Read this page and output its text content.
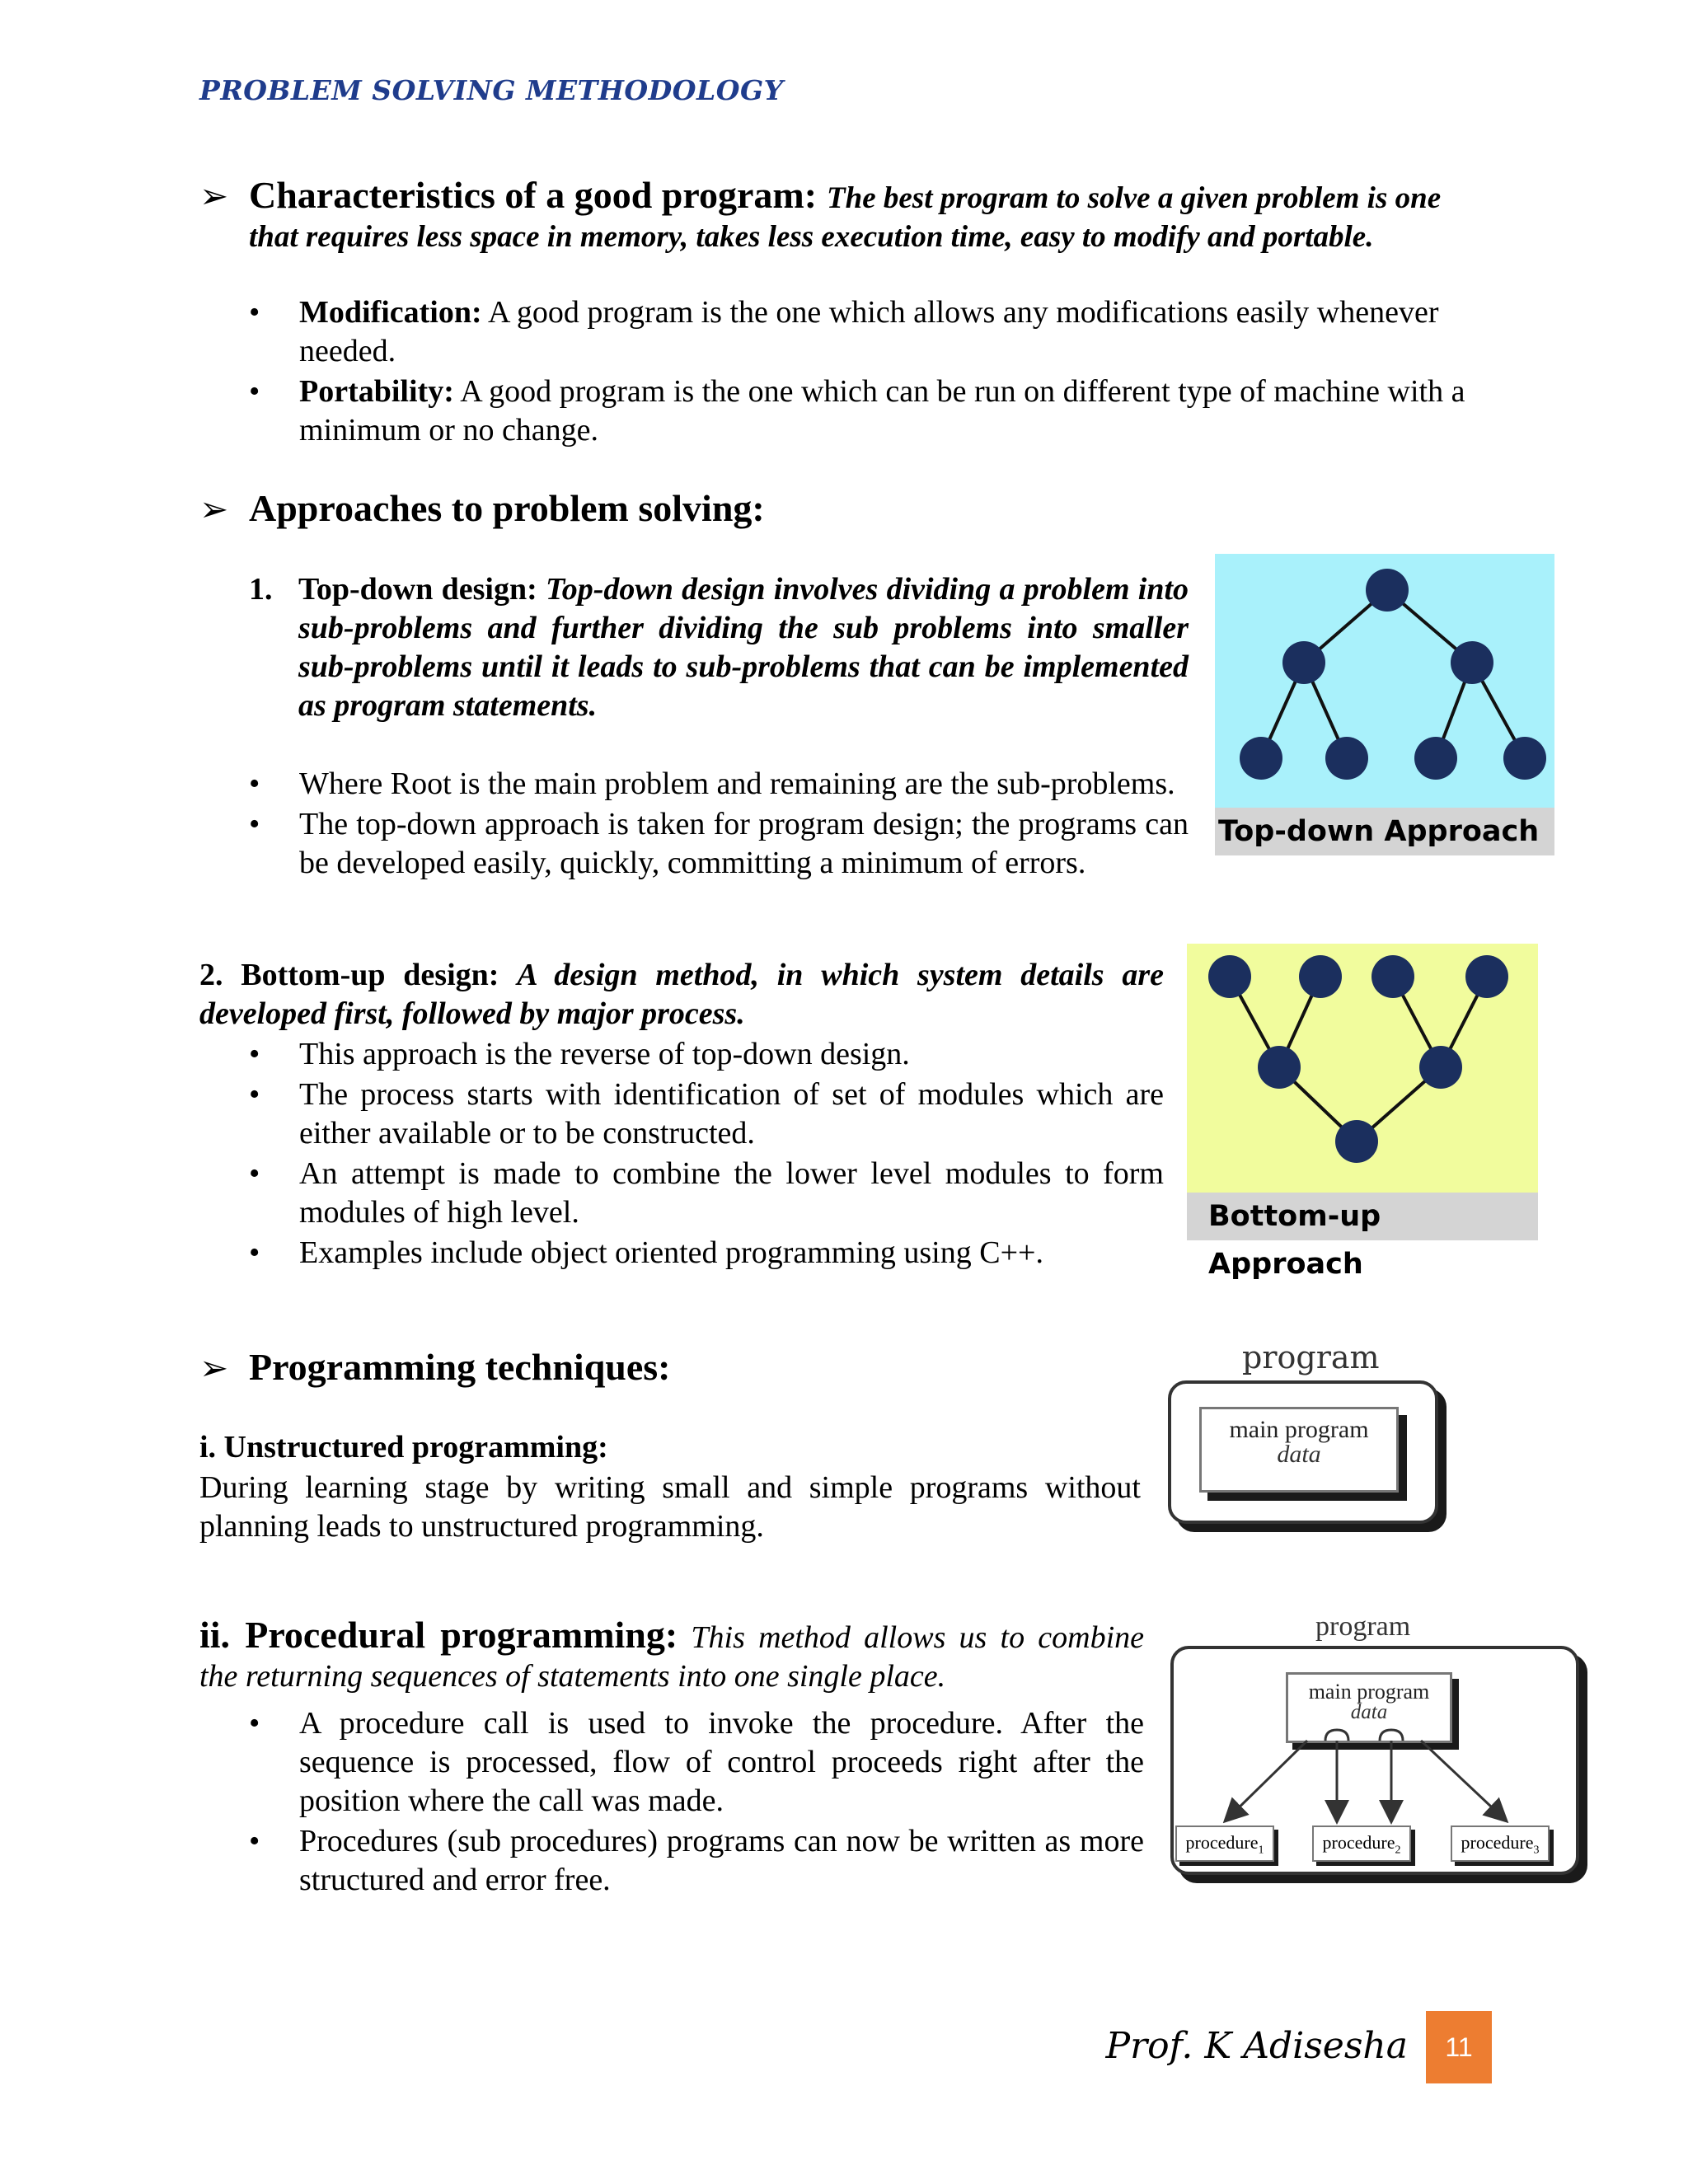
PROBLEM SOLVING METHODOLOGY
➢ Characteristics of a good program: The best program to solve a given problem is one
that requires less space in memory, takes less execution time, easy to modify and portable.
• Modification: A good program is the one which allows any modifications easily whenever needed.
• Portability: A good program is the one which can be run on different type of machine with a minimum or no change.
➢ Approaches to problem solving:
1. Top-down design: Top-down design involves dividing a problem into sub-problems and further dividing the sub problems into smaller sub-problems until it leads to sub-problems that can be implemented as program statements.
• Where Root is the main problem and remaining are the sub-problems.
• The top-down approach is taken for program design; the programs can be developed easily, quickly, committing a minimum of errors.
Top-down Approach
2. Bottom-up design: A design method, in which system details are developed first, followed by major process.
• This approach is the reverse of top-down design.
• The process starts with identification of set of modules which are either available or to be constructed.
• An attempt is made to combine the lower level modules to form modules of high level.
• Examples include object oriented programming using C++.
Bottom-up Approach
➢ Programming techniques:
i. Unstructured programming:
During learning stage by writing small and simple programs without planning leads to unstructured programming.
program
main program
data
ii. Procedural programming: This method allows us to combine the returning sequences of statements into one single place.
• A procedure call is used to invoke the procedure. After the sequence is processed, flow of control proceeds right after the position where the call was made.
• Procedures (sub procedures) programs can now be written as more structured and error free.
program
main program
data
procedure$_1$	procedure$_2$	procedure$_3$
Prof. K Adisesha	11
